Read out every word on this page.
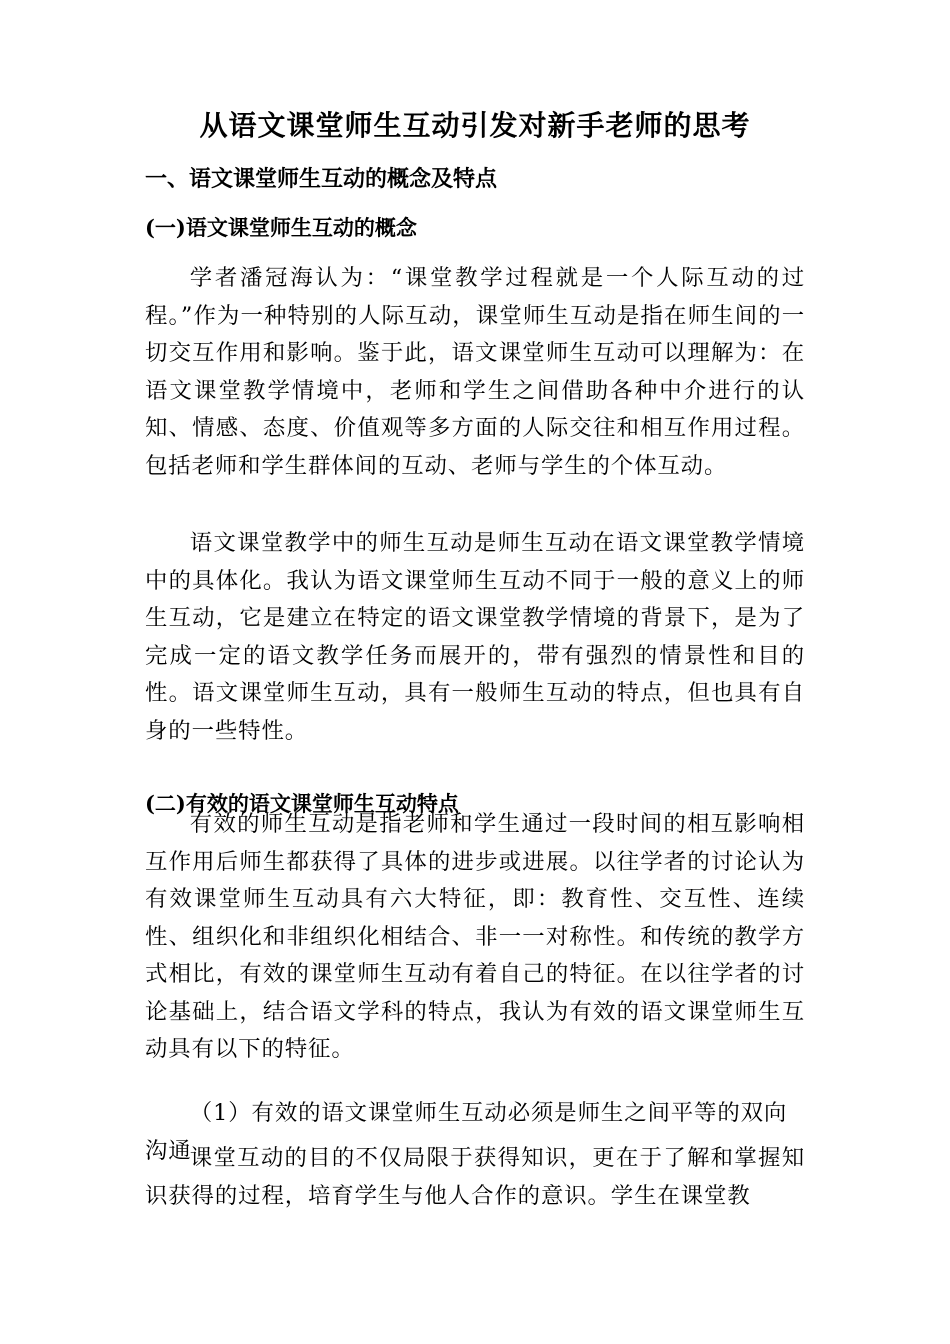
从语文课堂师生互动引发对新手老师的思考
一、语文课堂师生互动的概念及特点
(一)语文课堂师生互动的概念

学者潘冠海认为：“课堂教学过程就是一个人际互动的过程。”作为一种特别的人际互动，课堂师生互动是指在师生间的一切交互作用和影响。鉴于此，语文课堂师生互动可以理解为：在语文课堂教学情境中，老师和学生之间借助各种中介进行的认知、情感、态度、价值观等多方面的人际交往和相互作用过程。包括老师和学生群体间的互动、老师与学生的个体互动。

语文课堂教学中的师生互动是师生互动在语文课堂教学情境中的具体化。我认为语文课堂师生互动不同于一般的意义上的师生互动，它是建立在特定的语文课堂教学情境的背景下，是为了完成一定的语文教学任务而展开的，带有强烈的情景性和目的性。语文课堂师生互动，具有一般师生互动的特点，但也具有自身的一些特性。

(二)有效的语文课堂师生互动特点

有效的师生互动是指老师和学生通过一段时间的相互影响相互作用后师生都获得了具体的进步或进展。以往学者的讨论认为有效课堂师生互动具有六大特征，即：教育性、交互性、连续性、组织化和非组织化相结合、非一一对称性。和传统的教学方式相比，有效的课堂师生互动有着自己的特征。在以往学者的讨论基础上，结合语文学科的特点，我认为有效的语文课堂师生互动具有以下的特征。

（1）有效的语文课堂师生互动必须是师生之间平等的双向沟通

课堂互动的目的不仅局限于获得知识，更在于了解和掌握知识获得的过程，培育学生与他人合作的意识。学生在课堂教
